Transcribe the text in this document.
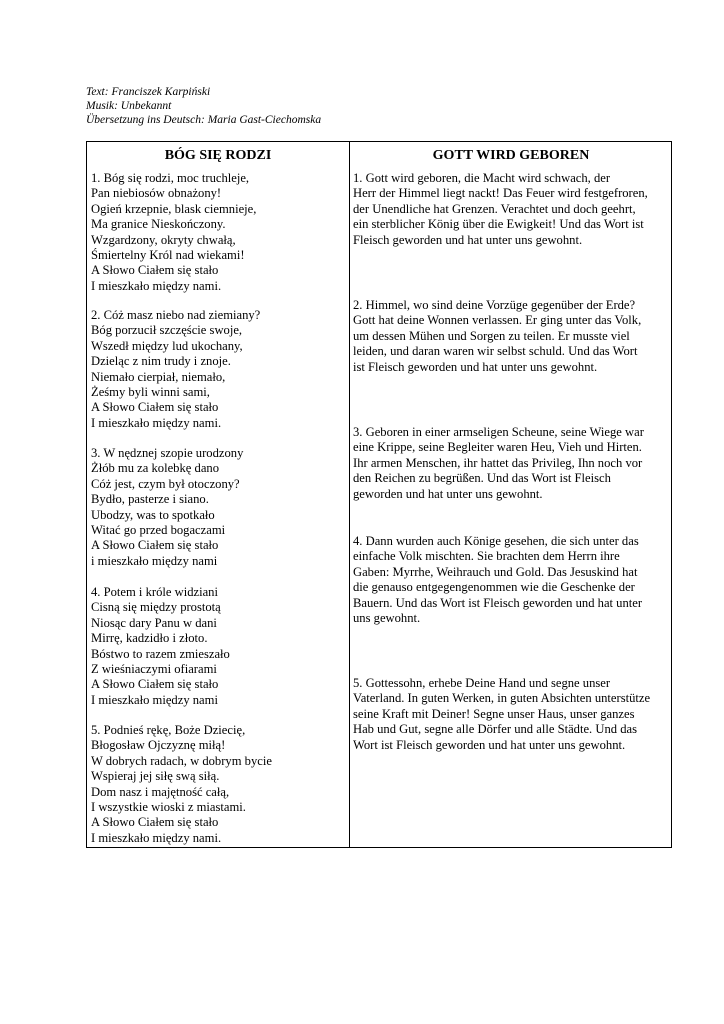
Text: Franciszek Karpiński
Musik: Unbekannt
Übersetzung ins Deutsch: Maria Gast-Ciechomska
BÓG SIĘ RODZI	GOTT WIRD GEBOREN
1. Bóg się rodzi, moc truchleje,
Pan niebiosów obnażony!
Ogień krzepnie, blask ciemnieje,
Ma granice Nieskończony.
Wzgardzony, okryty chwałą,
Śmiertelny Król nad wiekami!
A Słowo Ciałem się stało
I mieszkało między nami.
2. Cóż masz niebo nad ziemiany?
Bóg porzucił szczęście swoje,
Wszedł między lud ukochany,
Dzieląc z nim trudy i znoje.
Niemało cierpiał, niemało,
Żeśmy byli winni sami,
A Słowo Ciałem się stało
I mieszkało między nami.
3. W nędznej szopie urodzony
Żłób mu za kolebkę dano
Cóż jest, czym był otoczony?
Bydło, pasterze i siano.
Ubodzy, was to spotkało
Witać go przed bogaczami
A Słowo Ciałem się stało
i mieszkało między nami
4. Potem i króle widziani
Cisną się między prostotą
Niosąc dary Panu w dani
Mirrę, kadzidło i złoto.
Bóstwo to razem zmieszało
Z wieśniaczymi ofiarami
A Słowo Ciałem się stało
I mieszkało między nami
5. Podnieś rękę, Boże Dziecię,
Błogosław Ojczyznę miłą!
W dobrych radach, w dobrym bycie
Wspieraj jej siłę swą siłą.
Dom nasz i majętność całą,
I wszystkie wioski z miastami.
A Słowo Ciałem się stało
I mieszkało między nami.
1. Gott wird geboren, die Macht wird schwach, der
Herr der Himmel liegt nackt! Das Feuer wird festgefroren,
der Unendliche hat Grenzen. Verachtet und doch geehrt,
ein sterblicher König über die Ewigkeit! Und das Wort ist
Fleisch geworden und hat unter uns gewohnt.
2. Himmel, wo sind deine Vorzüge gegenüber der Erde?
Gott hat deine Wonnen verlassen. Er ging unter das Volk,
um dessen Mühen und Sorgen zu teilen. Er musste viel
leiden, und daran waren wir selbst schuld. Und das Wort
ist Fleisch geworden und hat unter uns gewohnt.
3. Geboren in einer armseligen Scheune, seine Wiege war
eine Krippe, seine Begleiter waren Heu, Vieh und Hirten.
Ihr armen Menschen, ihr hattet das Privileg, Ihn noch vor
den Reichen zu begrüßen. Und das Wort ist Fleisch
geworden und hat unter uns gewohnt.
4. Dann wurden auch Könige gesehen, die sich unter das
einfache Volk mischten. Sie brachten dem Herrn ihre
Gaben: Myrrhe, Weihrauch und Gold. Das Jesuskind hat
die genauso entgegengenommen wie die Geschenke der
Bauern. Und das Wort ist Fleisch geworden und hat unter
uns gewohnt.
5. Gottessohn, erhebe Deine Hand und segne unser
Vaterland. In guten Werken, in guten Absichten unterstütze
seine Kraft mit Deiner! Segne unser Haus, unser ganzes
Hab und Gut, segne alle Dörfer und alle Städte. Und das
Wort ist Fleisch geworden und hat unter uns gewohnt.
